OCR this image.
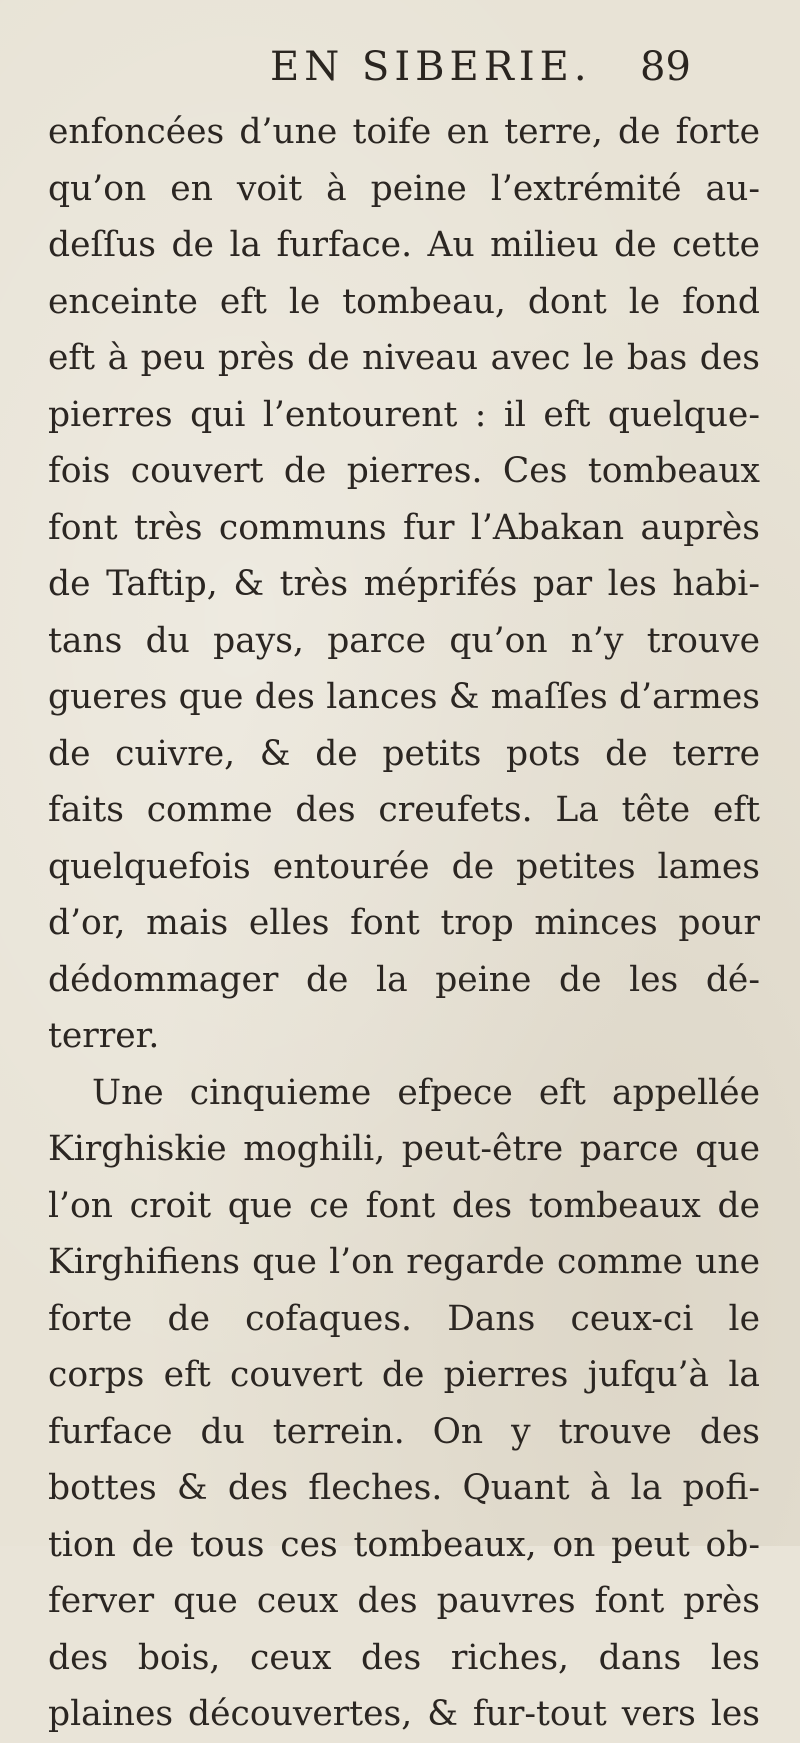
EN SIBERIE. 89
enfoncées d’une toife en terre, de forte
qu’on en voit à peine l’extrémité au-
deſſus de la furface. Au milieu de cette
enceinte eft le tombeau, dont le fond
eft à peu près de niveau avec le bas des
pierres qui l’entourent : il eft quelque-
fois couvert de pierres. Ces tombeaux
font très communs fur l’Abakan auprès
de Taftip, & très méprifés par les habi-
tans du pays, parce qu’on n’y trouve
gueres que des lances & maſſes d’armes
de cuivre, & de petits pots de terre
faits comme des creufets. La tête eft
quelquefois entourée de petites lames
d’or, mais elles font trop minces pour
dédommager de la peine de les dé-
terrer.
Une cinquieme efpece eft appellée
Kirghiskie moghili, peut-être parce que
l’on croit que ce font des tombeaux de
Kirghifiens que l’on regarde comme une
forte de cofaques. Dans ceux-ci le
corps eft couvert de pierres jufqu’à la
furface du terrein. On y trouve des
bottes & des fleches. Quant à la pofi-
tion de tous ces tombeaux, on peut ob-
ferver que ceux des pauvres font près
des bois, ceux des riches, dans les
plaines découvertes, & fur-tout vers les
